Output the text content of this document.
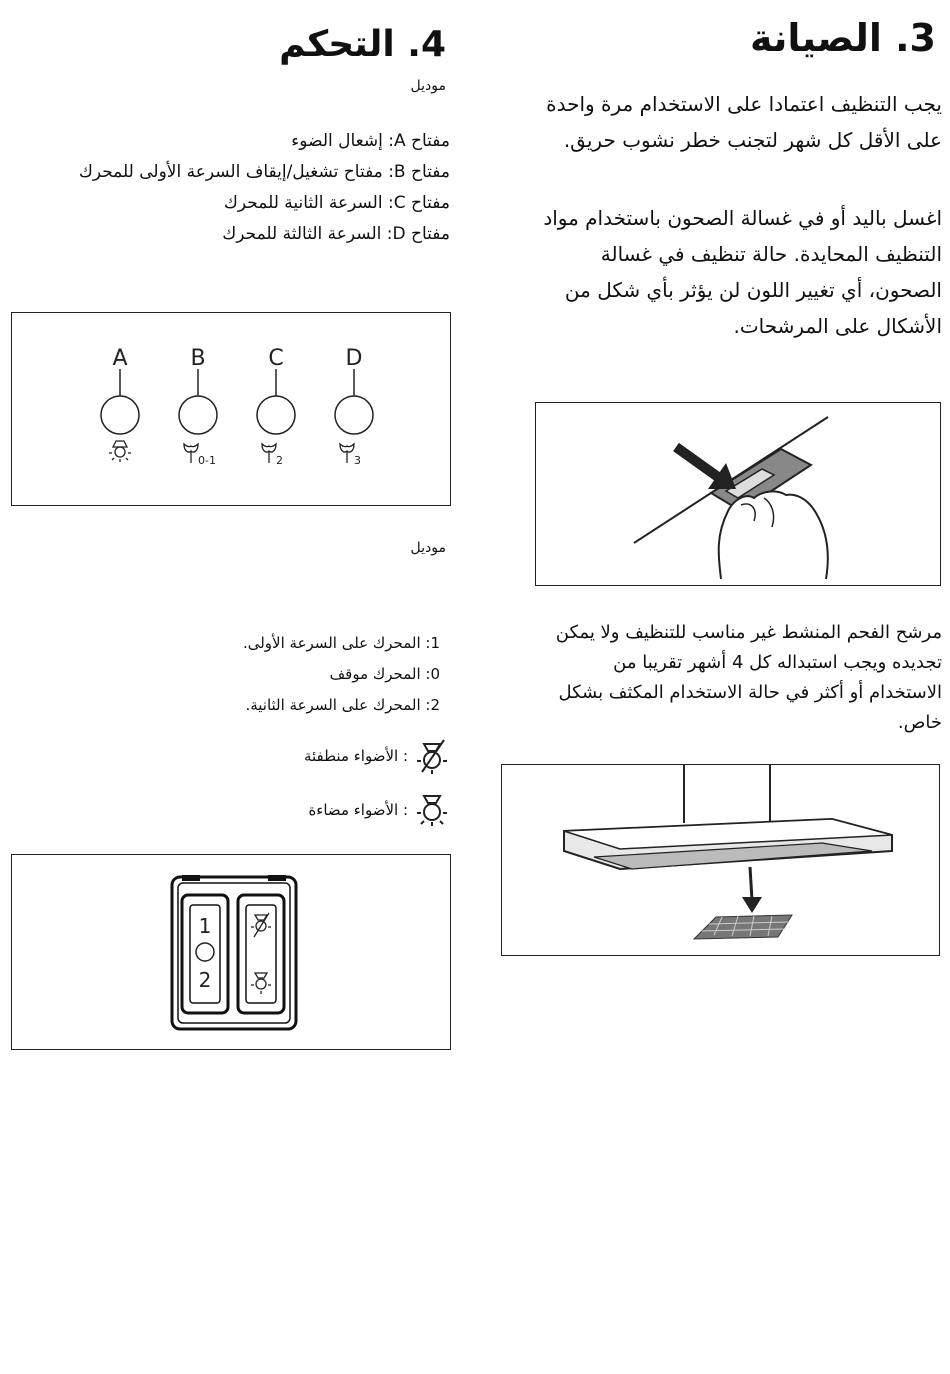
3. الصيانة
يجب التنظيف اعتمادا على الاستخدام مرة واحدة على الأقل كل شهر لتجنب خطر نشوب حريق.
اغسل باليد أو في غسالة الصحون باستخدام مواد التنظيف المحايدة. حالة تنظيف في غسالة الصحون، أي تغيير اللون لن يؤثر بأي شكل من الأشكال على المرشحات.
مرشح الفحم المنشط غير مناسب للتنظيف ولا يمكن تجديده ويجب استبداله كل 4 أشهر تقريبا من الاستخدام أو أكثر في حالة الاستخدام المكثف بشكل خاص.
4. التحكم
موديل
مفتاح A: إشعال الضوء
مفتاح B: مفتاح تشغيل/إيقاف السرعة الأولى للمحرك
مفتاح C: السرعة الثانية للمحرك
مفتاح D: السرعة الثالثة للمحرك
A	B
0-1
C
2
D
3
موديل
1: المحرك على السرعة الأولى.
0: المحرك موقف
2: المحرك على السرعة الثانية.
: الأضواء منطفئة
: الأضواء مضاءة
1
2
